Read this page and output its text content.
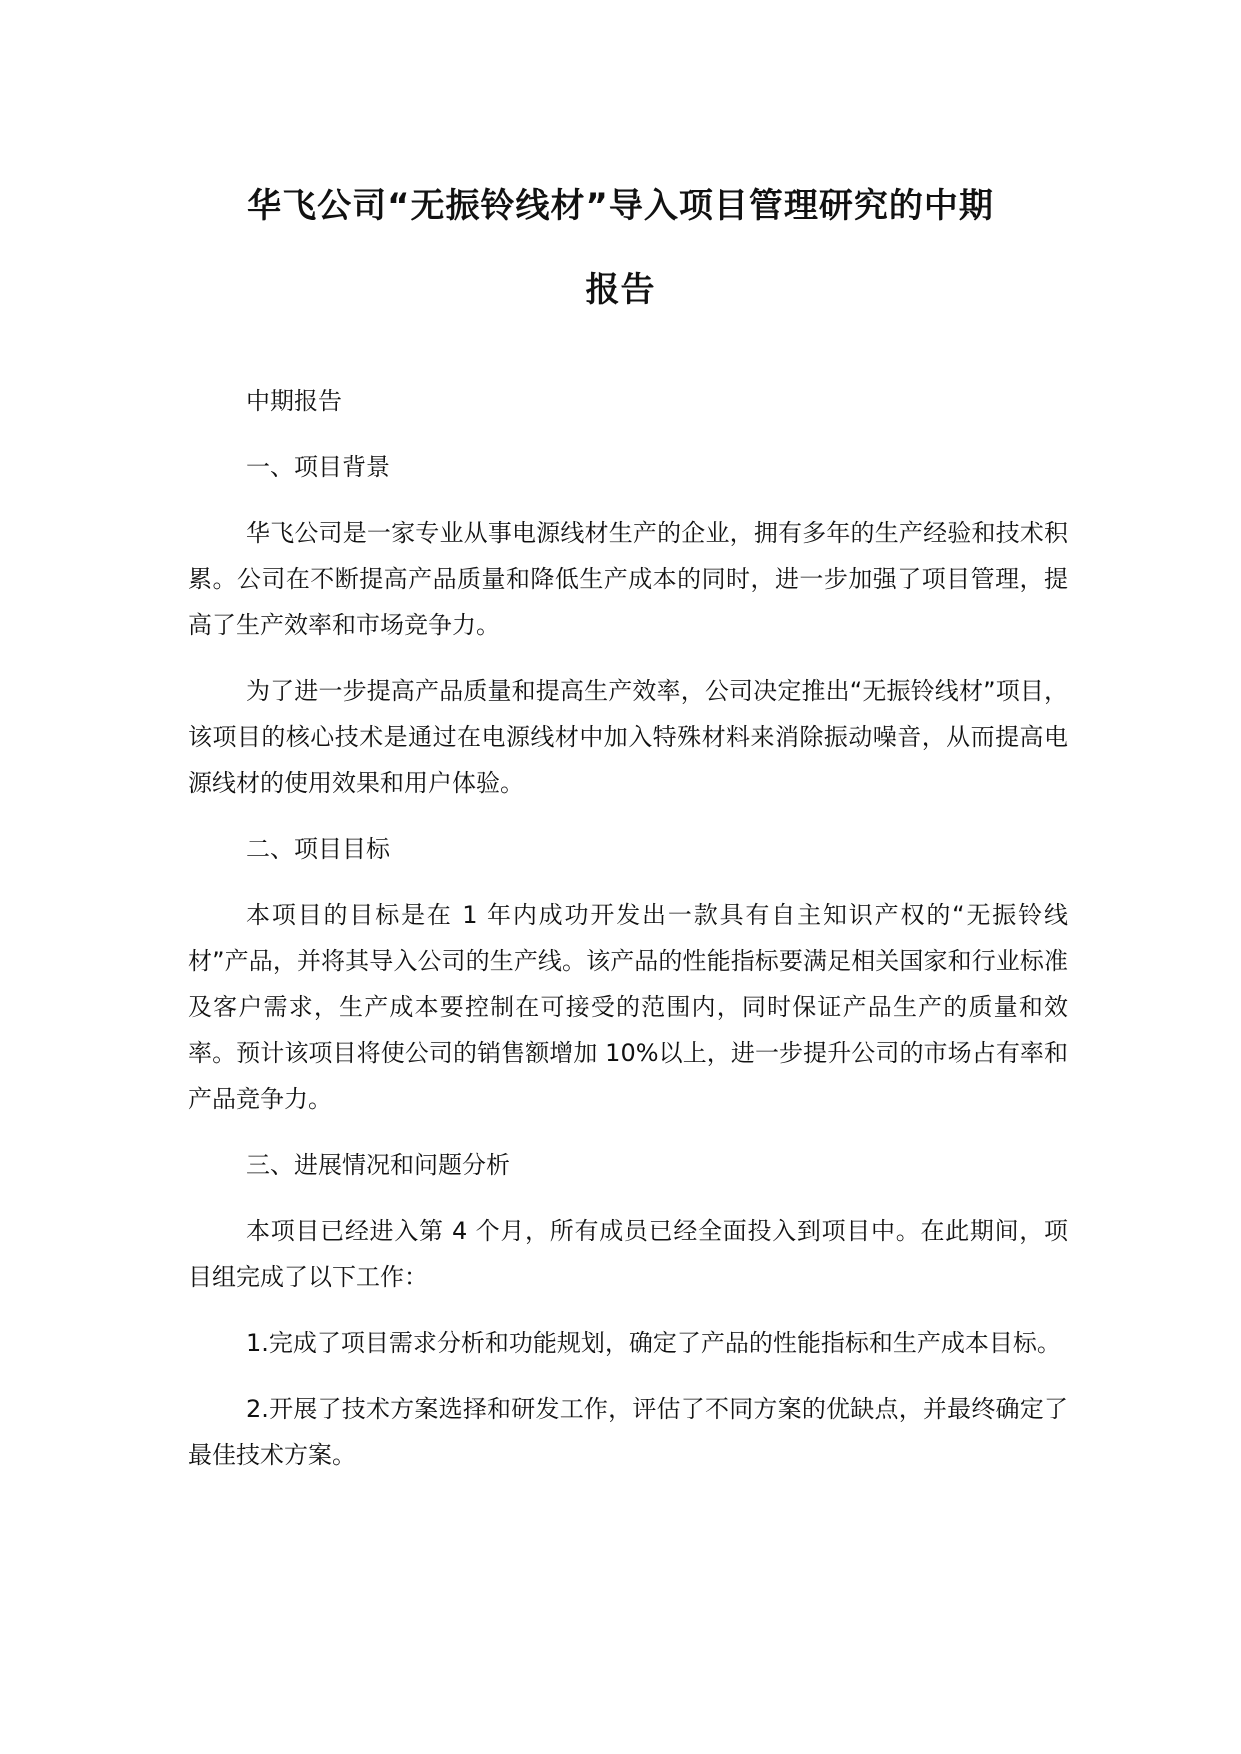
华飞公司“无振铃线材”导入项目管理研究的中期
报告

中期报告

一、项目背景

华飞公司是一家专业从事电源线材生产的企业，拥有多年的生产经验和技术积累。公司在不断提高产品质量和降低生产成本的同时，进一步加强了项目管理，提高了生产效率和市场竞争力。

为了进一步提高产品质量和提高生产效率，公司决定推出“无振铃线材”项目，该项目的核心技术是通过在电源线材中加入特殊材料来消除振动噪音，从而提高电源线材的使用效果和用户体验。

二、项目目标

本项目的目标是在 1 年内成功开发出一款具有自主知识产权的“无振铃线材”产品，并将其导入公司的生产线。该产品的性能指标要满足相关国家和行业标准及客户需求，生产成本要控制在可接受的范围内，同时保证产品生产的质量和效率。预计该项目将使公司的销售额增加 10%以上，进一步提升公司的市场占有率和产品竞争力。

三、进展情况和问题分析

本项目已经进入第 4 个月，所有成员已经全面投入到项目中。在此期间，项目组完成了以下工作：

1.完成了项目需求分析和功能规划，确定了产品的性能指标和生产成本目标。

2.开展了技术方案选择和研发工作，评估了不同方案的优缺点，并最终确定了最佳技术方案。
